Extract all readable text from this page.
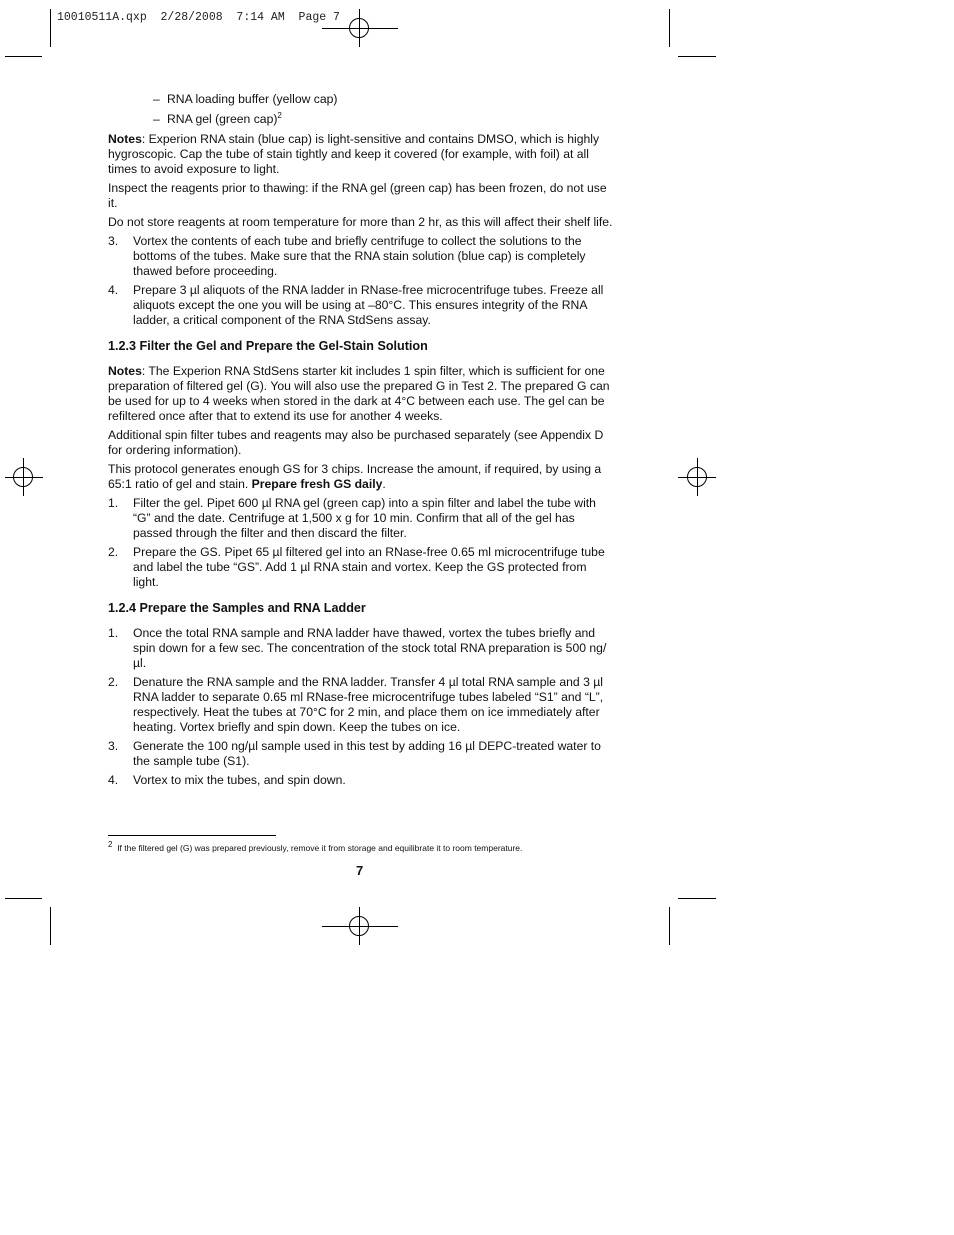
10010511A.qxp  2/28/2008  7:14 AM  Page 7
– RNA loading buffer (yellow cap)
– RNA gel (green cap)$^2$

Notes: Experion RNA stain (blue cap) is light-sensitive and contains DMSO, which is highly hygroscopic. Cap the tube of stain tightly and keep it covered (for example, with foil) at all times to avoid exposure to light.

Inspect the reagents prior to thawing: if the RNA gel (green cap) has been frozen, do not use it.

Do not store reagents at room temperature for more than 2 hr, as this will affect their shelf life.

3. Vortex the contents of each tube and briefly centrifuge to collect the solutions to the bottoms of the tubes. Make sure that the RNA stain solution (blue cap) is completely thawed before proceeding.
4. Prepare 3 µl aliquots of the RNA ladder in RNase-free microcentrifuge tubes. Freeze all aliquots except the one you will be using at –80°C. This ensures integrity of the RNA ladder, a critical component of the RNA StdSens assay.
1.2.3 Filter the Gel and Prepare the Gel-Stain Solution

Notes: The Experion RNA StdSens starter kit includes 1 spin filter, which is sufficient for one preparation of filtered gel (G). You will also use the prepared G in Test 2. The prepared G can be used for up to 4 weeks when stored in the dark at 4°C between each use. The gel can be refiltered once after that to extend its use for another 4 weeks.

Additional spin filter tubes and reagents may also be purchased separately (see Appendix D for ordering information).

This protocol generates enough GS for 3 chips. Increase the amount, if required, by using a 65:1 ratio of gel and stain. Prepare fresh GS daily.

1. Filter the gel. Pipet 600 µl RNA gel (green cap) into a spin filter and label the tube with “G” and the date. Centrifuge at 1,500 x g for 10 min. Confirm that all of the gel has passed through the filter and then discard the filter.
2. Prepare the GS. Pipet 65 µl filtered gel into an RNase-free 0.65 ml microcentrifuge tube and label the tube “GS”. Add 1 µl RNA stain and vortex. Keep the GS protected from light.
1.2.4 Prepare the Samples and RNA Ladder
1. Once the total RNA sample and RNA ladder have thawed, vortex the tubes briefly and spin down for a few sec. The concentration of the stock total RNA preparation is 500 ng/µl.
2. Denature the RNA sample and the RNA ladder. Transfer 4 µl total RNA sample and 3 µl RNA ladder to separate 0.65 ml RNase-free microcentrifuge tubes labeled “S1” and “L”, respectively. Heat the tubes at 70°C for 2 min, and place them on ice immediately after heating. Vortex briefly and spin down. Keep the tubes on ice.
3. Generate the 100 ng/µl sample used in this test by adding 16 µl DEPC-treated water to the sample tube (S1).
4. Vortex to mix the tubes, and spin down.
$^2$ If the filtered gel (G) was prepared previously, remove it from storage and equilibrate it to room temperature.
7
